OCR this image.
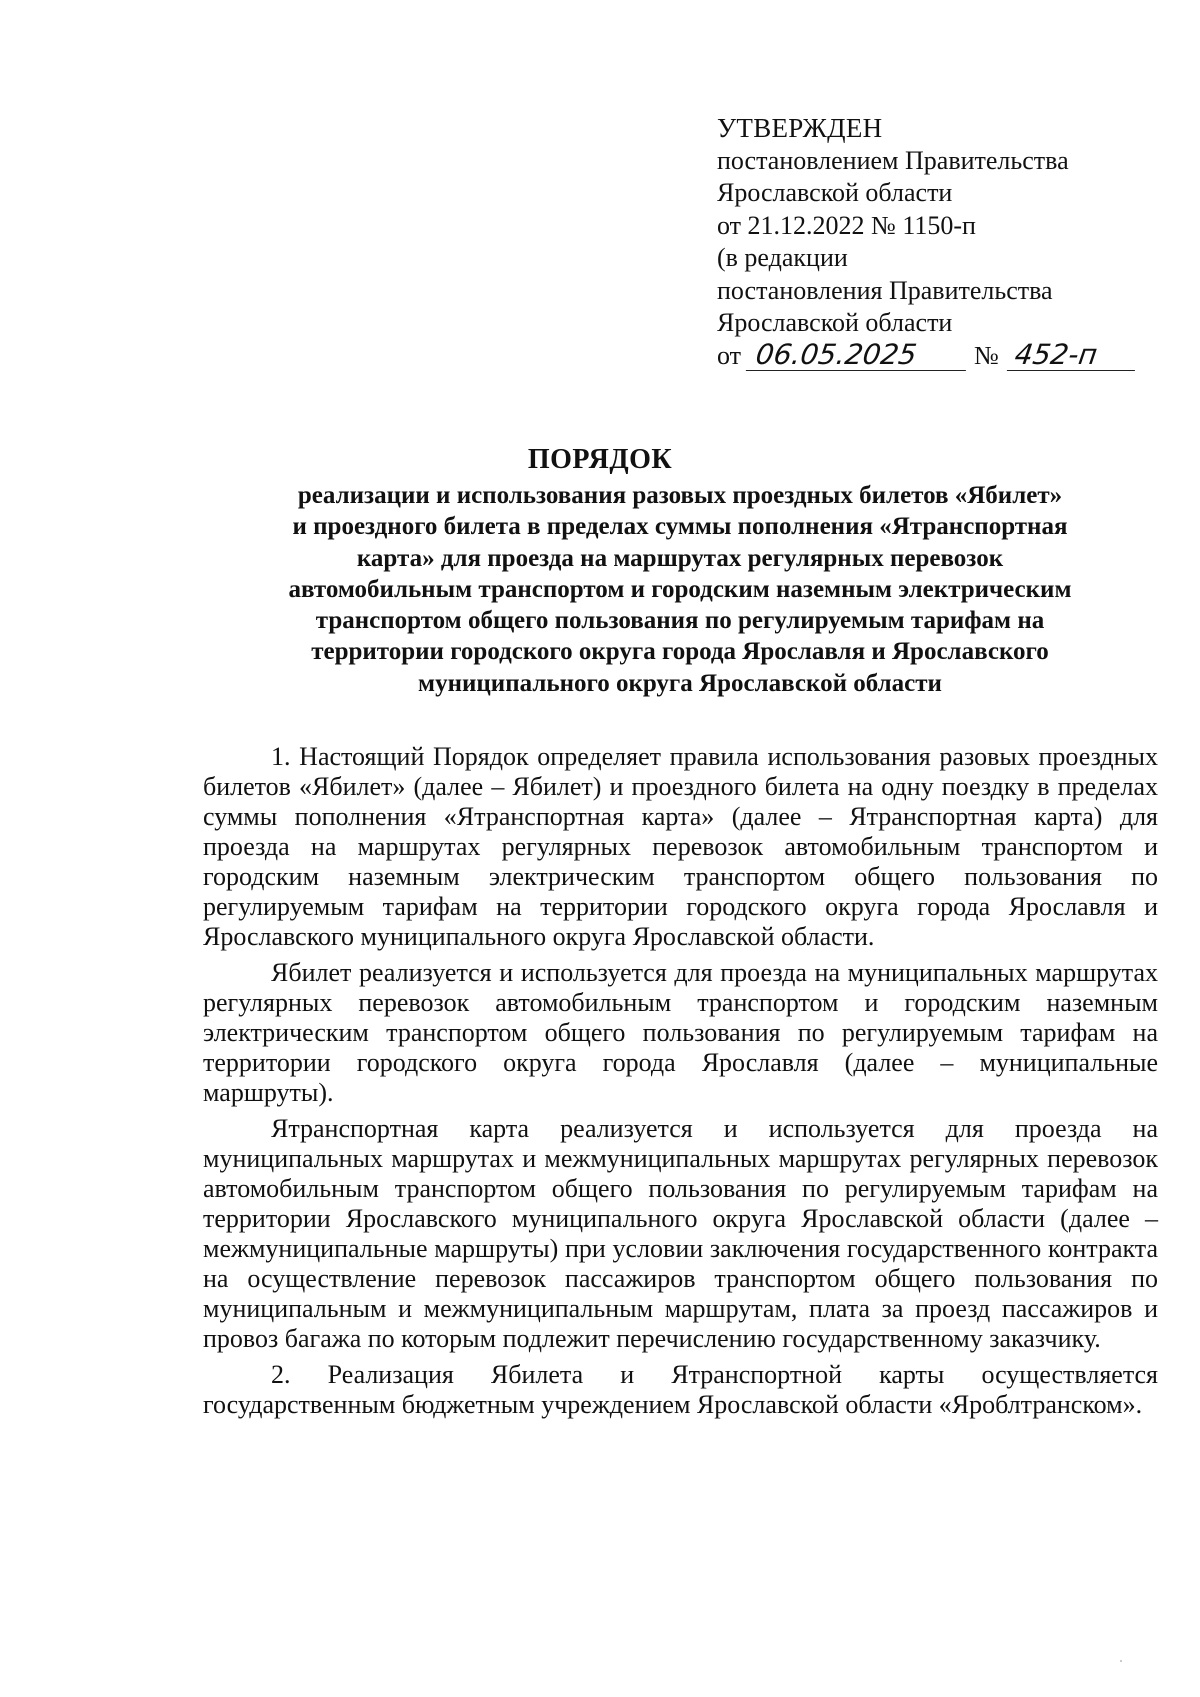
УТВЕРЖДЕН
постановлением Правительства
Ярославской области
от 21.12.2022 № 1150-п
(в редакции
постановления Правительства
Ярославской области
от 06.05.2025 № 452-п
ПОРЯДОК
реализации и использования разовых проездных билетов «Ябилет»
и проездного билета в пределах суммы пополнения «Ятранспортная
карта» для проезда на маршрутах регулярных перевозок
автомобильным транспортом и городским наземным электрическим
транспортом общего пользования по регулируемым тарифам на
территории городского округа города Ярославля и Ярославского
муниципального округа Ярославской области

1. Настоящий Порядок определяет правила использования разовых проездных билетов «Ябилет» (далее – Ябилет) и проездного билета на одну поездку в пределах суммы пополнения «Ятранспортная карта» (далее – Ятранспортная карта) для проезда на маршрутах регулярных перевозок автомобильным транспортом и городским наземным электрическим транспортом общего пользования по регулируемым тарифам на территории городского округа города Ярославля и Ярославского муниципального округа Ярославской области.

Ябилет реализуется и используется для проезда на муниципальных маршрутах регулярных перевозок автомобильным транспортом и городским наземным электрическим транспортом общего пользования по регулируемым тарифам на территории городского округа города Ярославля (далее – муниципальные маршруты).

Ятранспортная карта реализуется и используется для проезда на муниципальных маршрутах и межмуниципальных маршрутах регулярных перевозок автомобильным транспортом общего пользования по регулируемым тарифам на территории Ярославского муниципального округа Ярославской области (далее – межмуниципальные маршруты) при условии заключения государственного контракта на осуществление перевозок пассажиров транспортом общего пользования по муниципальным и межмуниципальным маршрутам, плата за проезд пассажиров и провоз багажа по которым подлежит перечислению государственному заказчику.

2. Реализация Ябилета и Ятранспортной карты осуществляется государственным бюджетным учреждением Ярославской области «Яроблтранском».
